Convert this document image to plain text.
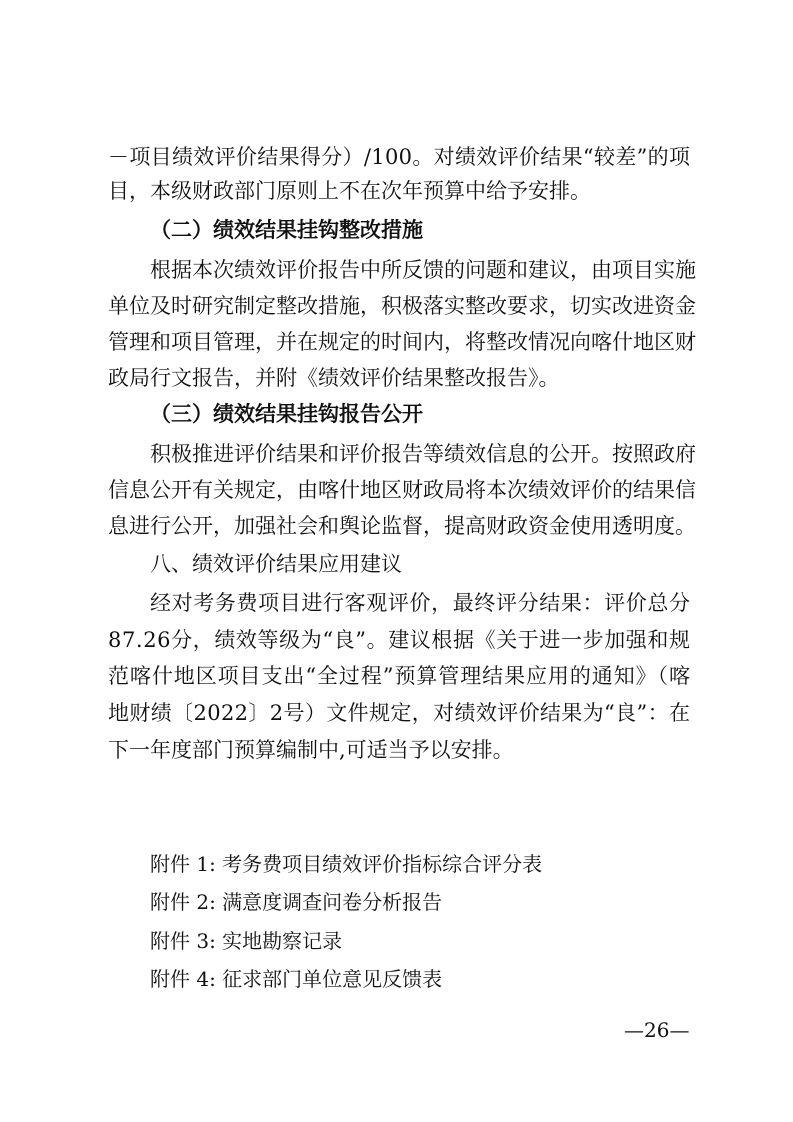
－项目绩效评价结果得分）/100。对绩效评价结果“较差”的项
目，本级财政部门原则上不在次年预算中给予安排。
（二）绩效结果挂钩整改措施
根据本次绩效评价报告中所反馈的问题和建议，由项目实施
单位及时研究制定整改措施，积极落实整改要求，切实改进资金
管理和项目管理，并在规定的时间内，将整改情况向喀什地区财
政局行文报告，并附《绩效评价结果整改报告》。
（三）绩效结果挂钩报告公开
积极推进评价结果和评价报告等绩效信息的公开。按照政府
信息公开有关规定，由喀什地区财政局将本次绩效评价的结果信
息进行公开，加强社会和舆论监督，提高财政资金使用透明度。
八、绩效评价结果应用建议
经对考务费项目进行客观评价，最终评分结果：评价总分
87.26分，绩效等级为“良”。建议根据《关于进一步加强和规
范喀什地区项目支出“全过程”预算管理结果应用的通知》（喀
地财绩〔2022〕2号）文件规定，对绩效评价结果为“良”：在
下一年度部门预算编制中,可适当予以安排。
附件 1: 考务费项目绩效评价指标综合评分表
附件 2: 满意度调查问卷分析报告
附件 3: 实地勘察记录
附件 4: 征求部门单位意见反馈表
—26—
